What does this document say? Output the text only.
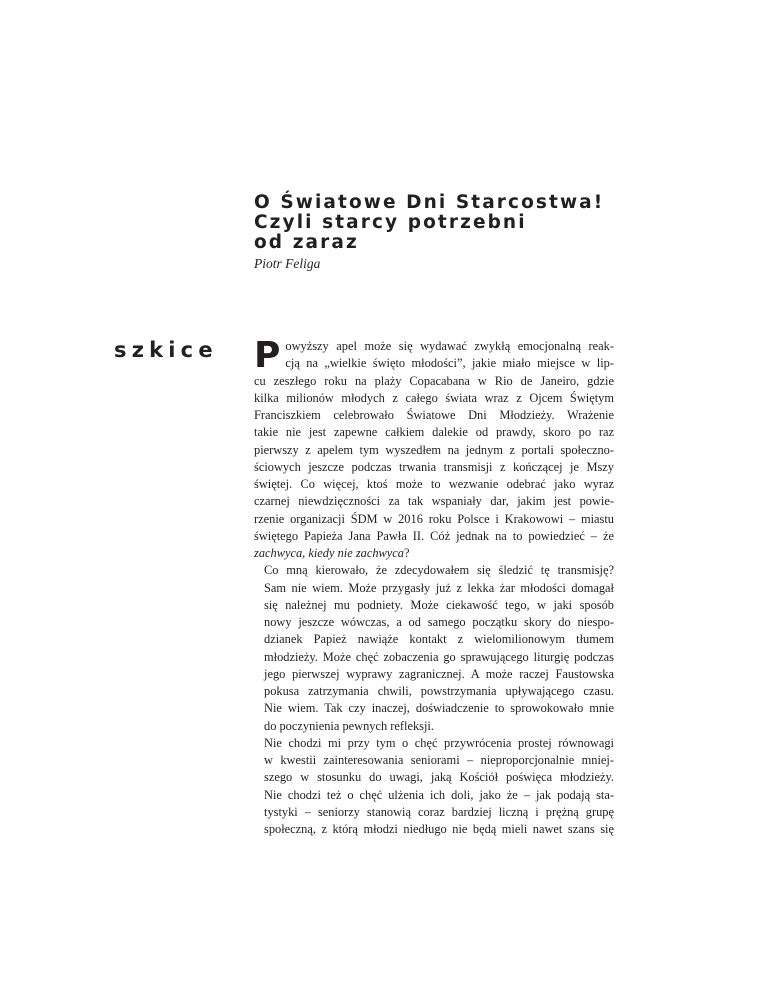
O Światowe Dni Starcostwa!
Czyli starcy potrzebni
od zaraz
Piotr Feliga
szkice P owyższy apel może się wydawać zwykłą emocjonalną reak-
cją na „wielkie święto młodości”, jakie miało miejsce w lip-
cu zeszłego roku na plaży Copacabana w Rio de Janeiro, gdzie
kilka milionów młodych z całego świata wraz z Ojcem Świętym
Franciszkiem celebrowało Światowe Dni Młodzieży. Wrażenie
takie nie jest zapewne całkiem dalekie od prawdy, skoro po raz
pierwszy z apelem tym wyszedłem na jednym z portali społeczno-
ściowych jeszcze podczas trwania transmisji z kończącej je Mszy
świętej. Co więcej, ktoś może to wezwanie odebrać jako wyraz
czarnej niewdzięczności za tak wspaniały dar, jakim jest powie-
rzenie organizacji ŚDM w 2016 roku Polsce i Krakowowi – miastu
świętego Papieża Jana Pawła II. Cóż jednak na to powiedzieć – że
zachwyca, kiedy nie zachwyca?

Co mną kierowało, że zdecydowałem się śledzić tę transmisję?
Sam nie wiem. Może przygasły już z lekka żar młodości domagał
się należnej mu podniety. Może ciekawość tego, w jaki sposób
nowy jeszcze wówczas, a od samego początku skory do niespo-
dzianek Papież nawiąże kontakt z wielomilionowym tłumem
młodzieży. Może chęć zobaczenia go sprawującego liturgię podczas
jego pierwszej wyprawy zagranicznej. A może raczej Faustowska
pokusa zatrzymania chwili, powstrzymania upływającego czasu.
Nie wiem. Tak czy inaczej, doświadczenie to sprowokowało mnie
do poczynienia pewnych refleksji.

Nie chodzi mi przy tym o chęć przywrócenia prostej równowagi
w kwestii zainteresowania seniorami – nieproporcjonalnie mniej-
szego w stosunku do uwagi, jaką Kościół poświęca młodzieży.
Nie chodzi też o chęć ulżenia ich doli, jako że – jak podają sta-
tystyki – seniorzy stanowią coraz bardziej liczną i prężną grupę
społeczną, z którą młodzi niedługo nie będą mieli nawet szans się
